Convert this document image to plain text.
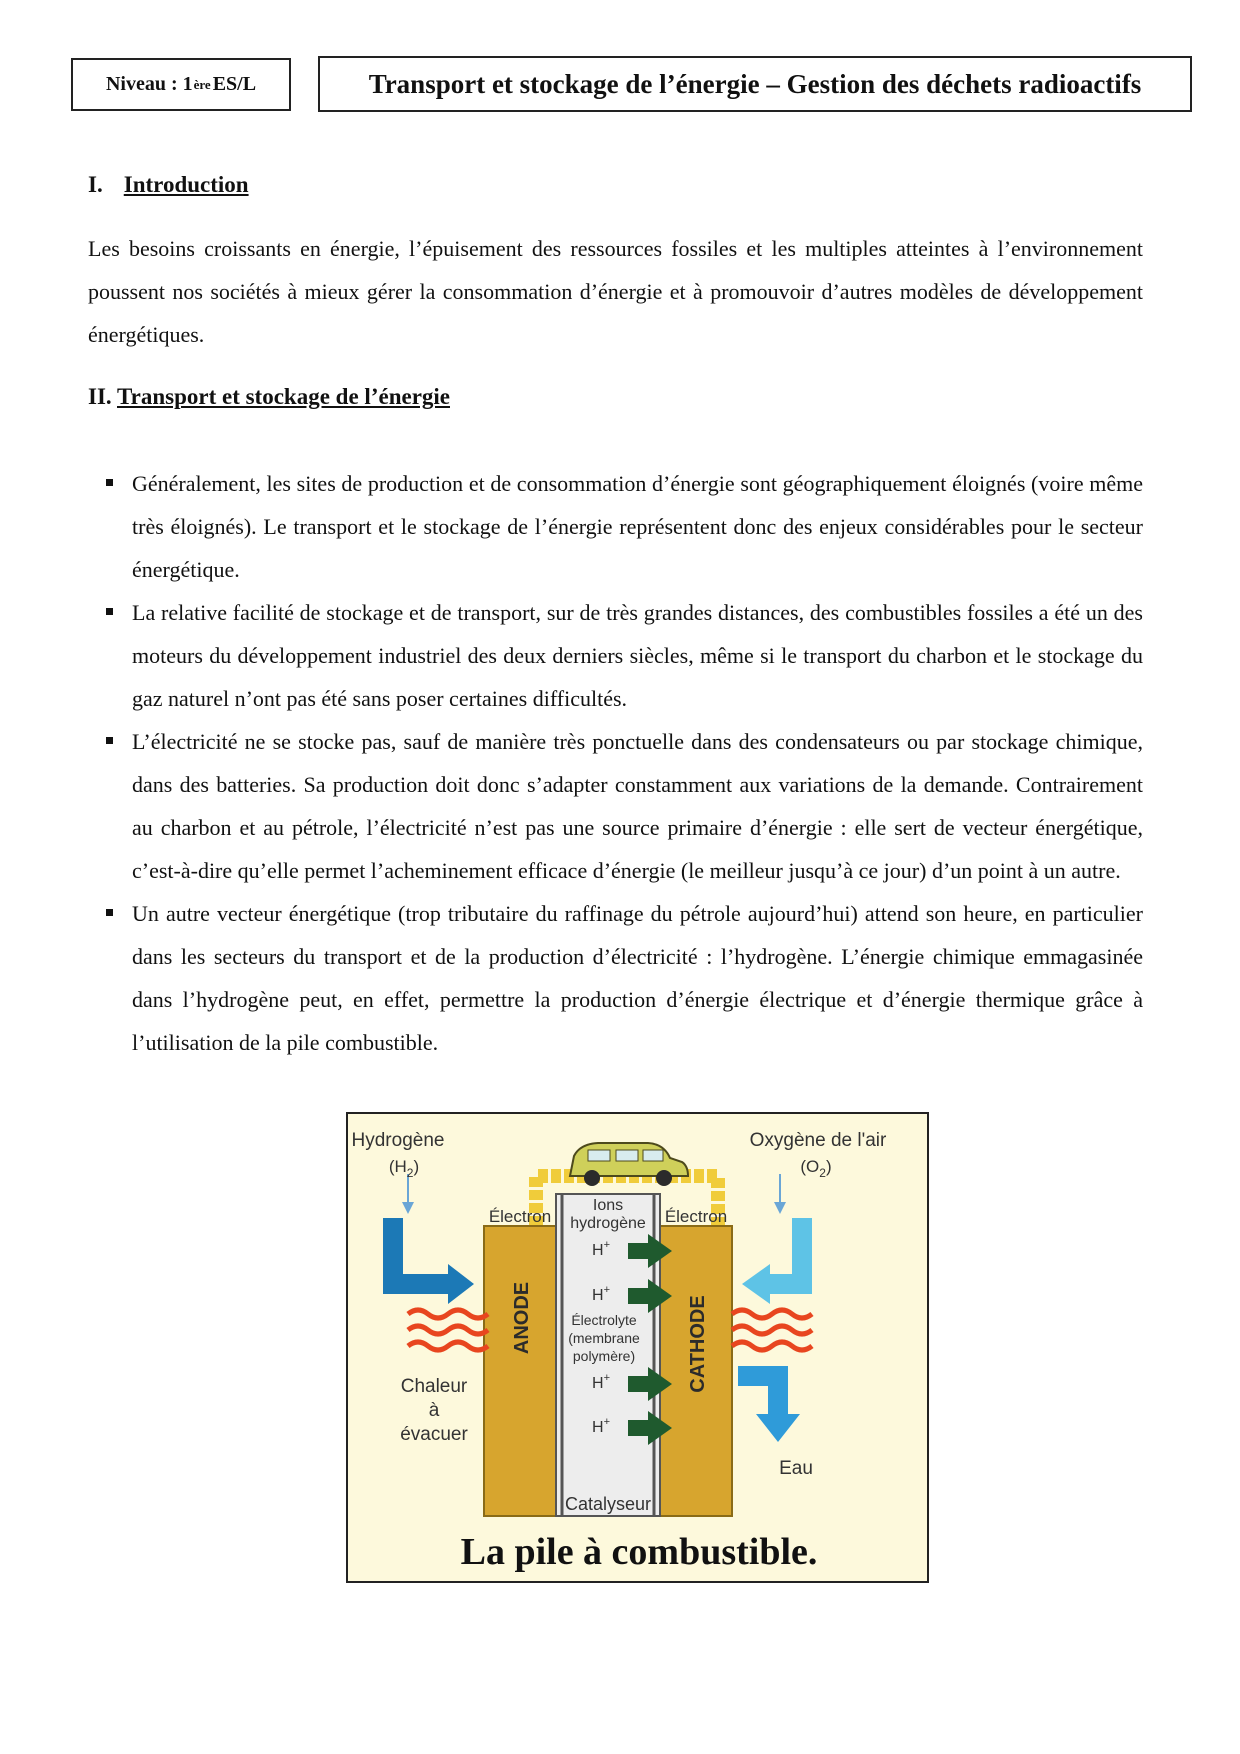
Niveau : 1 ère ES/L	Transport et stockage de l’énergie – Gestion des déchets radioactifs
I. Introduction
Les besoins croissants en énergie, l’épuisement des ressources fossiles et les multiples atteintes à l’environnement poussent nos sociétés à mieux gérer la consommation d’énergie et à promouvoir d’autres modèles de développement énergétiques.
II. Transport et stockage de l’énergie
Généralement, les sites de production et de consommation d’énergie sont géographiquement éloignés (voire même très éloignés). Le transport et le stockage de l’énergie représentent donc des enjeux considérables pour le secteur énergétique.
La relative facilité de stockage et de transport, sur de très grandes distances, des combustibles fossiles a été un des moteurs du développement industriel des deux derniers siècles, même si le transport du charbon et le stockage du gaz naturel n’ont pas été sans poser certaines difficultés.
L’électricité ne se stocke pas, sauf de manière très ponctuelle dans des condensateurs ou par stockage chimique, dans des batteries. Sa production doit donc s’adapter constamment aux variations de la demande. Contrairement au charbon et au pétrole, l’électricité n’est pas une source primaire d’énergie : elle sert de vecteur énergétique, c’est-à-dire qu’elle permet l’acheminement efficace d’énergie (le meilleur jusqu’à ce jour) d’un point à un autre.
Un autre vecteur énergétique (trop tributaire du raffinage du pétrole aujourd’hui) attend son heure, en particulier dans les secteurs du transport et de la production d’électricité : l’hydrogène. L’énergie chimique emmagasinée dans l’hydrogène peut, en effet, permettre la production d’énergie électrique et d’énergie thermique grâce à l’utilisation de la pile combustible.
Hydrogène
$(H_2)$
Oxygène de l'air
$(O_2)$
Électron	Électron
Ions
hydrogène
H+
H+
H+
H+
Électrolyte
(membrane
polymère)
ANODE	CATHODE
Chaleur
à
évacuer
Eau
Catalyseur
La pile à combustible.
